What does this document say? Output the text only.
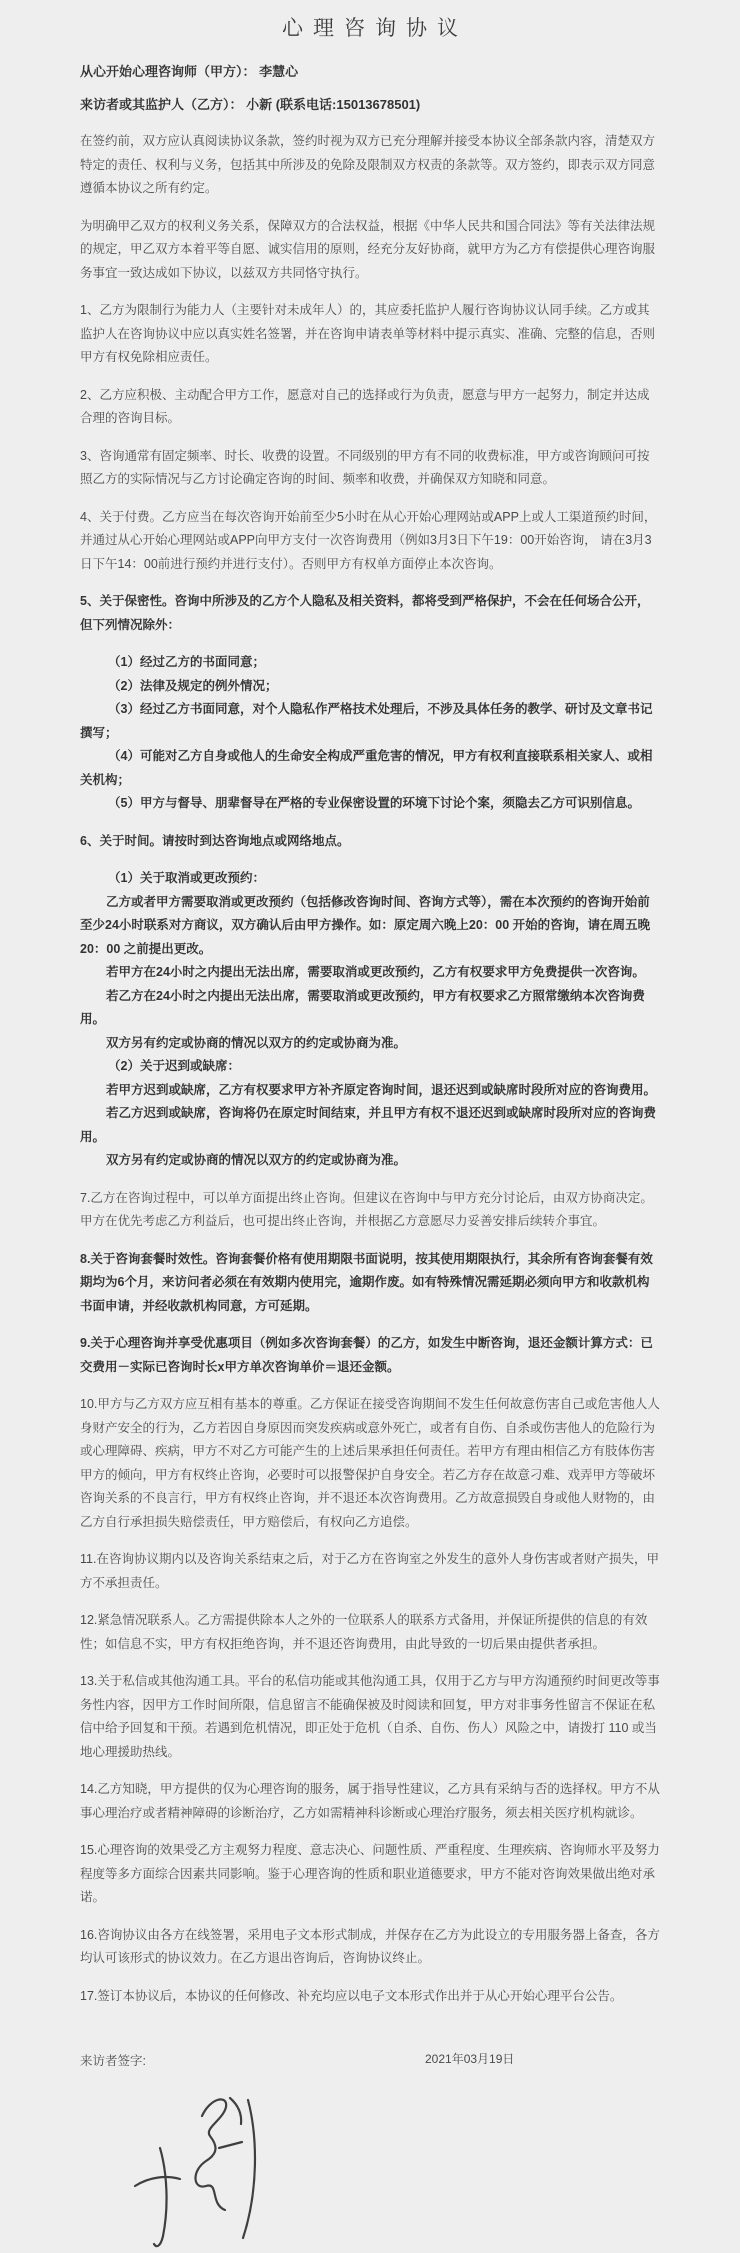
心理咨询协议

从心开始心理咨询师（甲方）： 李慧心

来访者或其监护人（乙方）： 小新 (联系电话:15013678501)

在签约前，双方应认真阅读协议条款，签约时视为双方已充分理解并接受本协议全部条款内容，清楚双方特定的责任、权利与义务，包括其中所涉及的免除及限制双方权责的条款等。双方签约，即表示双方同意遵循本协议之所有约定。

为明确甲乙双方的权利义务关系，保障双方的合法权益，根据《中华人民共和国合同法》等有关法律法规的规定，甲乙双方本着平等自愿、诚实信用的原则，经充分友好协商，就甲方为乙方有偿提供心理咨询服务事宜一致达成如下协议，以兹双方共同恪守执行。

1、乙方为限制行为能力人（主要针对未成年人）的，其应委托监护人履行咨询协议认同手续。乙方或其监护人在咨询协议中应以真实姓名签署，并在咨询申请表单等材料中提示真实、准确、完整的信息，否则甲方有权免除相应责任。

2、乙方应积极、主动配合甲方工作，愿意对自己的选择或行为负责，愿意与甲方一起努力，制定并达成合理的咨询目标。

3、咨询通常有固定频率、时长、收费的设置。不同级别的甲方有不同的收费标准，甲方或咨询顾问可按照乙方的实际情况与乙方讨论确定咨询的时间、频率和收费，并确保双方知晓和同意。

4、关于付费。乙方应当在每次咨询开始前至少5小时在从心开始心理网站或APP上或人工渠道预约时间，并通过从心开始心理网站或APP向甲方支付一次咨询费用（例如3月3日下午19：00开始咨询， 请在3月3日下午14：00前进行预约并进行支付）。否则甲方有权单方面停止本次咨询。

5、关于保密性。咨询中所涉及的乙方个人隐私及相关资料，都将受到严格保护，不会在任何场合公开，但下列情况除外：

（1）经过乙方的书面同意；

（2）法律及规定的例外情况；

（3）经过乙方书面同意，对个人隐私作严格技术处理后，不涉及具体任务的教学、研讨及文章书记撰写；

（4）可能对乙方自身或他人的生命安全构成严重危害的情况，甲方有权利直接联系相关家人、或相关机构；

（5）甲方与督导、朋辈督导在严格的专业保密设置的环境下讨论个案，须隐去乙方可识别信息。

6、关于时间。请按时到达咨询地点或网络地点。

（1）关于取消或更改预约：

乙方或者甲方需要取消或更改预约（包括修改咨询时间、咨询方式等），需在本次预约的咨询开始前至少24小时联系对方商议，双方确认后由甲方操作。如：原定周六晚上20：00 开始的咨询，请在周五晚 20：00 之前提出更改。

若甲方在24小时之内提出无法出席，需要取消或更改预约，乙方有权要求甲方免费提供一次咨询。

若乙方在24小时之内提出无法出席，需要取消或更改预约，甲方有权要求乙方照常缴纳本次咨询费用。

双方另有约定或协商的情况以双方的约定或协商为准。

（2）关于迟到或缺席：

若甲方迟到或缺席，乙方有权要求甲方补齐原定咨询时间，退还迟到或缺席时段所对应的咨询费用。

若乙方迟到或缺席，咨询将仍在原定时间结束，并且甲方有权不退还迟到或缺席时段所对应的咨询费用。

双方另有约定或协商的情况以双方的约定或协商为准。

7.乙方在咨询过程中，可以单方面提出终止咨询。但建议在咨询中与甲方充分讨论后，由双方协商决定。甲方在优先考虑乙方利益后，也可提出终止咨询，并根据乙方意愿尽力妥善安排后续转介事宜。

8.关于咨询套餐时效性。咨询套餐价格有使用期限书面说明，按其使用期限执行，其余所有咨询套餐有效期均为6个月，来访问者必须在有效期内使用完，逾期作废。如有特殊情况需延期必须向甲方和收款机构书面申请，并经收款机构同意，方可延期。

9.关于心理咨询并享受优惠项目（例如多次咨询套餐）的乙方，如发生中断咨询，退还金额计算方式：已交费用－实际已咨询时长x甲方单次咨询单价＝退还金额。

10.甲方与乙方双方应互相有基本的尊重。乙方保证在接受咨询期间不发生任何故意伤害自己或危害他人人身财产安全的行为，乙方若因自身原因而突发疾病或意外死亡，或者有自伤、自杀或伤害他人的危险行为或心理障碍、疾病，甲方不对乙方可能产生的上述后果承担任何责任。若甲方有理由相信乙方有肢体伤害甲方的倾向，甲方有权终止咨询，必要时可以报警保护自身安全。若乙方存在故意刁难、戏弄甲方等破坏咨询关系的不良言行，甲方有权终止咨询，并不退还本次咨询费用。乙方故意损毁自身或他人财物的，由乙方自行承担损失赔偿责任，甲方赔偿后，有权向乙方追偿。

11.在咨询协议期内以及咨询关系结束之后，对于乙方在咨询室之外发生的意外人身伤害或者财产损失，甲方不承担责任。

12.紧急情况联系人。乙方需提供除本人之外的一位联系人的联系方式备用，并保证所提供的信息的有效性；如信息不实，甲方有权拒绝咨询，并不退还咨询费用，由此导致的一切后果由提供者承担。

13.关于私信或其他沟通工具。平台的私信功能或其他沟通工具，仅用于乙方与甲方沟通预约时间更改等事务性内容，因甲方工作时间所限，信息留言不能确保被及时阅读和回复，甲方对非事务性留言不保证在私信中给予回复和干预。若遇到危机情况，即正处于危机（自杀、自伤、伤人）风险之中，请拨打 110 或当地心理援助热线。

14.乙方知晓，甲方提供的仅为心理咨询的服务，属于指导性建议，乙方具有采纳与否的选择权。甲方不从事心理治疗或者精神障碍的诊断治疗，乙方如需精神科诊断或心理治疗服务，须去相关医疗机构就诊。

15.心理咨询的效果受乙方主观努力程度、意志决心、问题性质、严重程度、生理疾病、咨询师水平及努力程度等多方面综合因素共同影响。鉴于心理咨询的性质和职业道德要求，甲方不能对咨询效果做出绝对承诺。

16.咨询协议由各方在线签署，采用电子文本形式制成，并保存在乙方为此设立的专用服务器上备查，各方均认可该形式的协议效力。在乙方退出咨询后，咨询协议终止。

17.签订本协议后，本协议的任何修改、补充均应以电子文本形式作出并于从心开始心理平台公告。

来访者签字:	2021年03月19日
